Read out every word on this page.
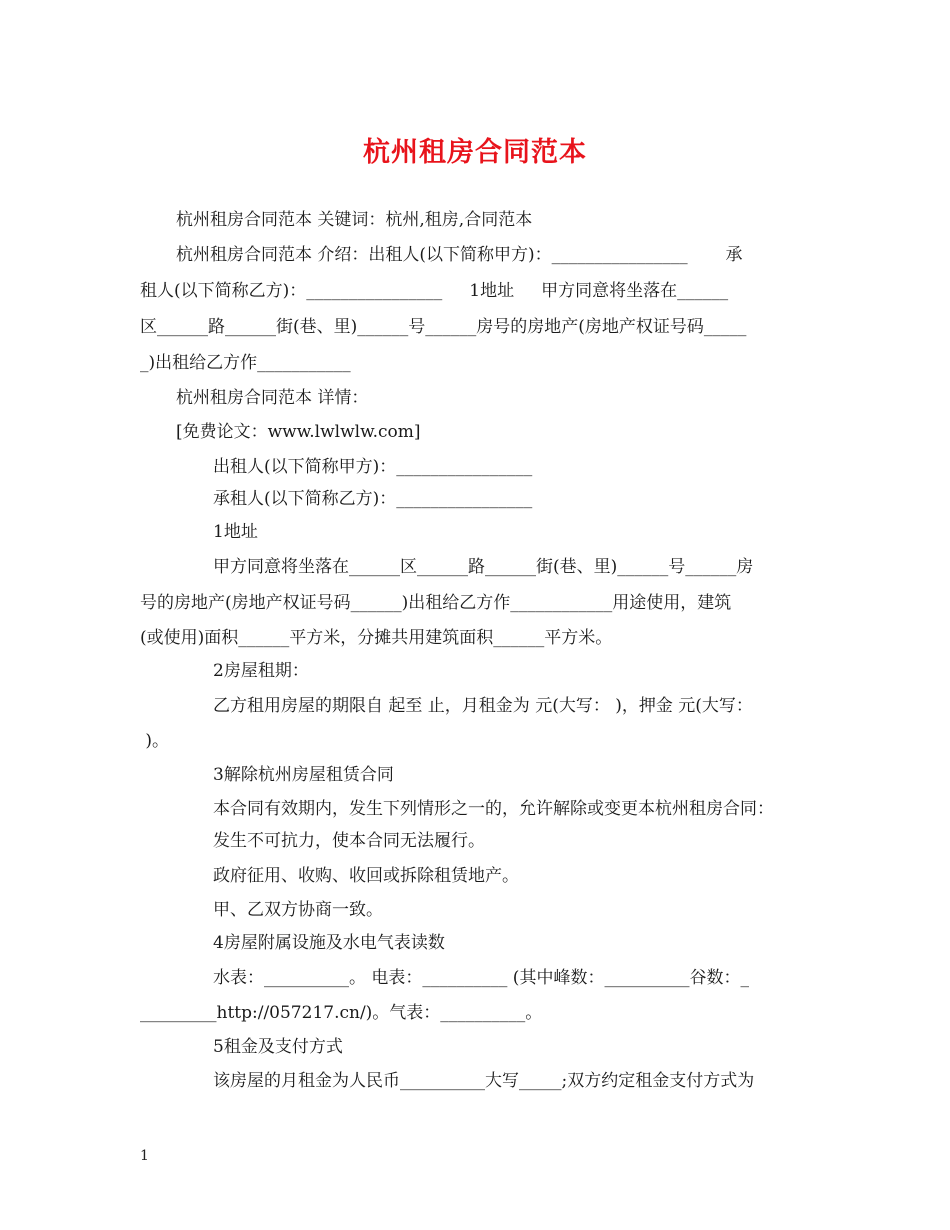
杭州租房合同范本
杭州租房合同范本 关键词：杭州,租房,合同范本
杭州租房合同范本 介绍：出租人(以下简称甲方)：________________       承
租人(以下简称乙方)：________________     1地址     甲方同意将坐落在______
区______路______街(巷、里)______号______房号的房地产(房地产权证号码_____
_)出租给乙方作___________
杭州租房合同范本 详情：
[免费论文：www.lwlwlw.com]
出租人(以下简称甲方)：________________
承租人(以下简称乙方)：________________
1地址
甲方同意将坐落在______区______路______街(巷、里)______号______房
号的房地产(房地产权证号码______)出租给乙方作____________用途使用，建筑
(或使用)面积______平方米，分摊共用建筑面积______平方米。
2房屋租期：
乙方租用房屋的期限自 起至 止，月租金为 元(大写： )，押金 元(大写：
)。
3解除杭州房屋租赁合同
本合同有效期内，发生下列情形之一的，允许解除或变更本杭州租房合同：
发生不可抗力，使本合同无法履行。
政府征用、收购、收回或拆除租赁地产。
甲、乙双方协商一致。
4房屋附属设施及水电气表读数
水表：__________。 电表：__________ (其中峰数：__________谷数：_
_________http://057217.cn/)。气表：__________。
5租金及支付方式
该房屋的月租金为人民币__________大写_____;双方约定租金支付方式为
1
